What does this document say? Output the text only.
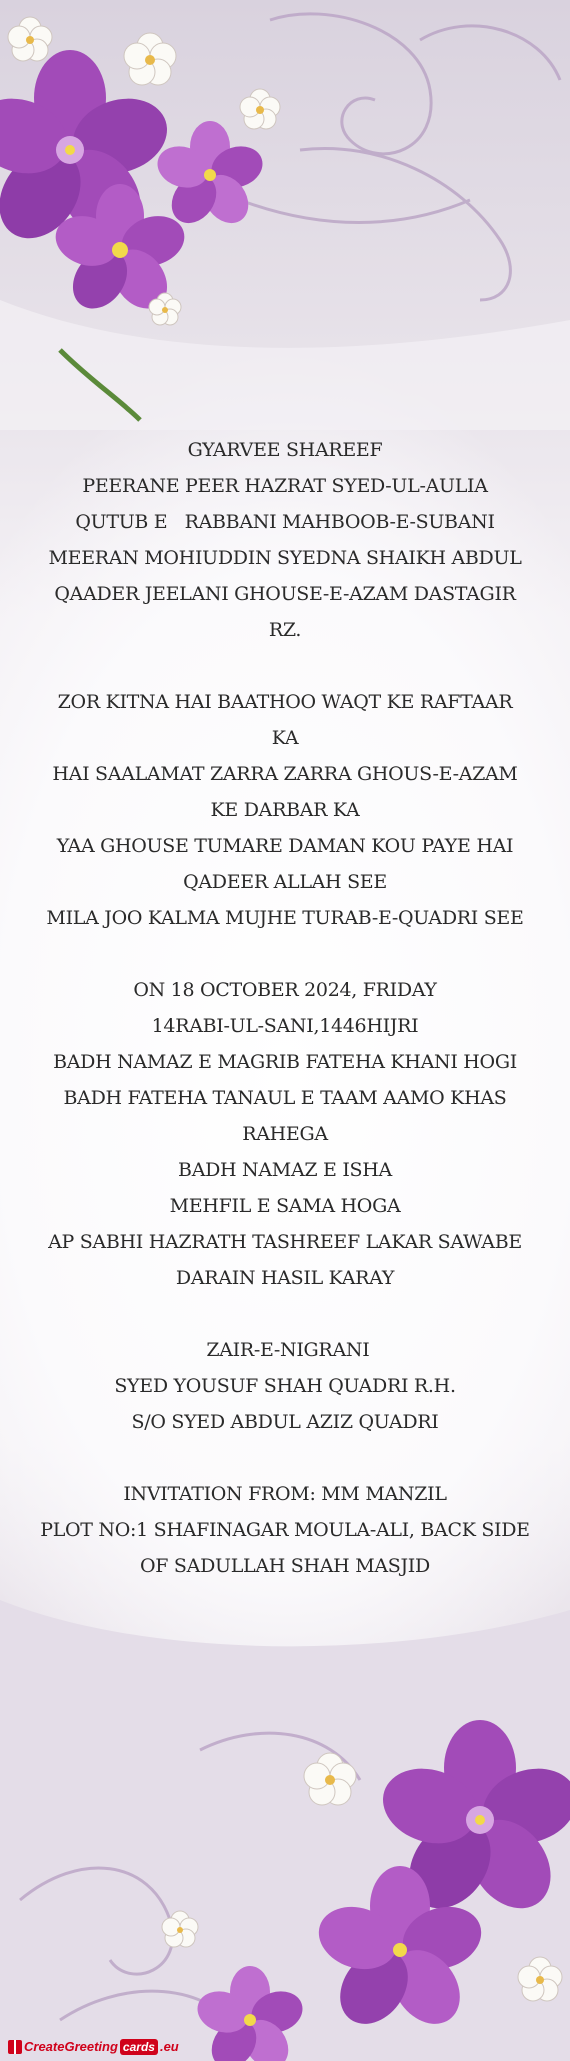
GYARVEE SHAREEF
PEERANE PEER HAZRAT SYED-UL-AULIA
QUTUB E   RABBANI MAHBOOB-E-SUBANI
MEERAN MOHIUDDIN SYEDNA SHAIKH ABDUL
QAADER JEELANI GHOUSE-E-AZAM DASTAGIR
RZ.
ZOR KITNA HAI BAATHOO WAQT KE RAFTAAR
KA
HAI SAALAMAT ZARRA ZARRA GHOUS-E-AZAM
KE DARBAR KA
YAA GHOUSE TUMARE DAMAN KOU PAYE HAI
QADEER ALLAH SEE
MILA JOO KALMA MUJHE TURAB-E-QUADRI SEE
ON 18 OCTOBER 2024, FRIDAY
14RABI-UL-SANI,1446HIJRI
BADH NAMAZ E MAGRIB FATEHA KHANI HOGI
BADH FATEHA TANAUL E TAAM AAMO KHAS
RAHEGA
BADH NAMAZ E ISHA
MEHFIL E SAMA HOGA
AP SABHI HAZRATH TASHREEF LAKAR SAWABE
DARAIN HASIL KARAY
ZAIR-E-NIGRANI
SYED YOUSUF SHAH QUADRI R.H.
S/O SYED ABDUL AZIZ QUADRI
INVITATION FROM: MM MANZIL
PLOT NO:1 SHAFINAGAR MOULA-ALI, BACK SIDE
OF SADULLAH SHAH MASJID
CreateGreeting cards .eu
